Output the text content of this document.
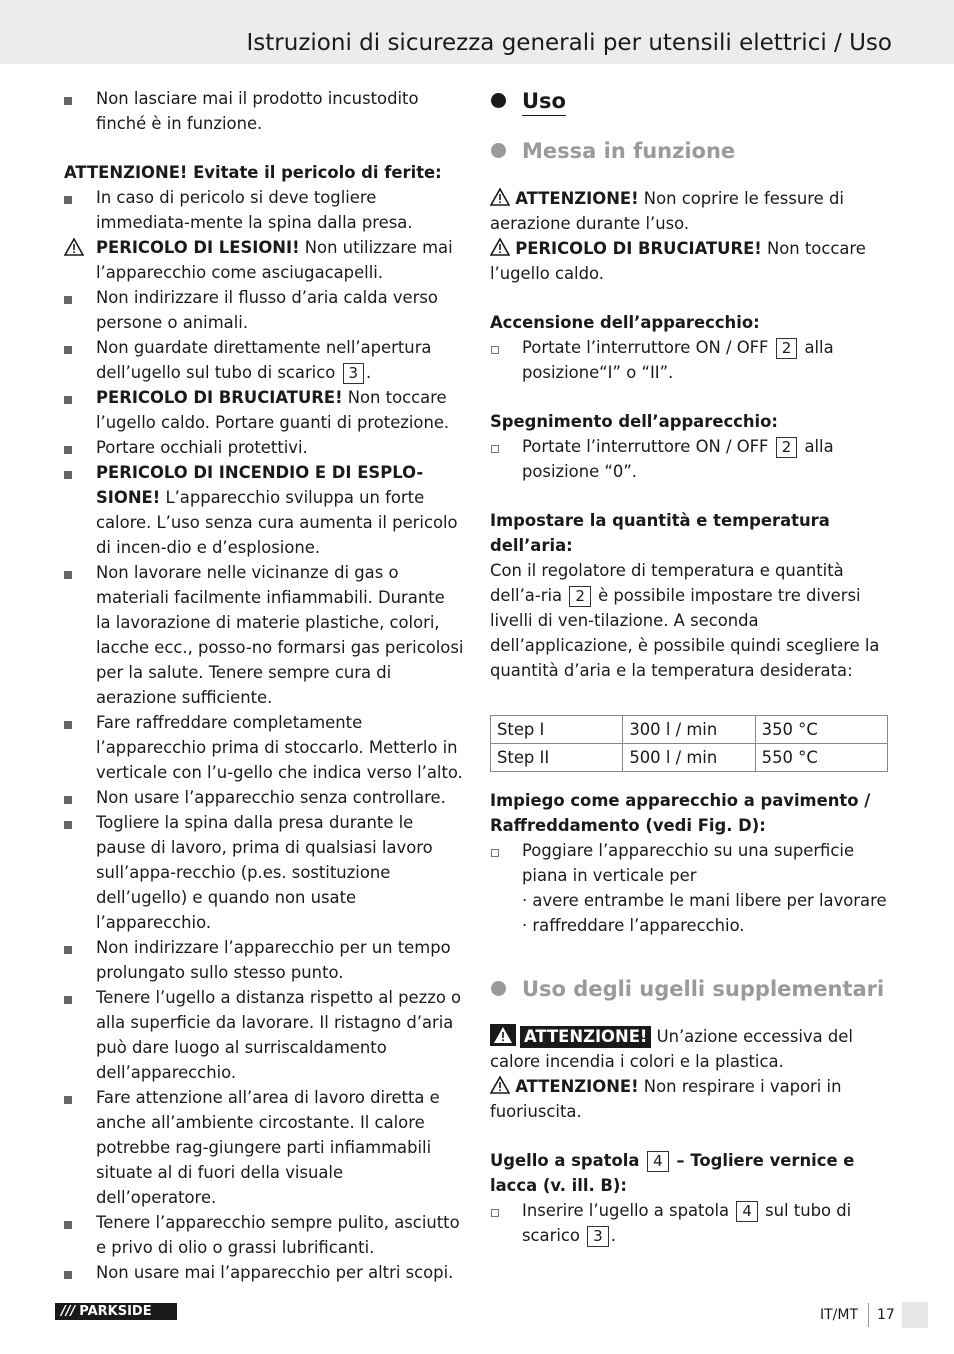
Istruzioni di sicurezza generali per utensili elettrici / Uso
Non lasciare mai il prodotto incustodito finché è in funzione.
ATTENZIONE! Evitate il pericolo di ferite:
In caso di pericolo si deve togliere immediata-mente la spina dalla presa.
PERICOLO DI LESIONI! Non utilizzare mai l’apparecchio come asciugacapelli.
Non indirizzare il flusso d’aria calda verso persone o animali.
Non guardate direttamente nell’apertura dell’ugello sul tubo di scarico 3 .
PERICOLO DI BRUCIATURE! Non toccare l’ugello caldo. Portare guanti di protezione.
Portare occhiali protettivi.
PERICOLO DI INCENDIO E DI ESPLO-SIONE! L’apparecchio sviluppa un forte calore. L’uso senza cura aumenta il pericolo di incen-dio e d’esplosione.
Non lavorare nelle vicinanze di gas o materiali facilmente infiammabili. Durante la lavorazione di materie plastiche, colori, lacche ecc., posso-no formarsi gas pericolosi per la salute. Tenere sempre cura di aerazione sufficiente.
Fare raffreddare completamente l’apparecchio prima di stoccarlo. Metterlo in verticale con l’u-gello che indica verso l’alto.
Non usare l’apparecchio senza controllare.
Togliere la spina dalla presa durante le pause di lavoro, prima di qualsiasi lavoro sull’appa-recchio (p.es. sostituzione dell’ugello) e quando non usate l’apparecchio.
Non indirizzare l’apparecchio per un tempo prolungato sullo stesso punto.
Tenere l’ugello a distanza rispetto al pezzo o alla superficie da lavorare. Il ristagno d’aria può dare luogo al surriscaldamento dell’apparecchio.
Fare attenzione all’area di lavoro diretta e anche all’ambiente circostante. Il calore potrebbe rag-giungere parti infiammabili situate al di fuori della visuale dell’operatore.
Tenere l’apparecchio sempre pulito, asciutto e privo di olio o grassi lubrificanti.
Non usare mai l’apparecchio per altri scopi.
Uso
Messa in funzione
ATTENZIONE! Non coprire le fessure di aerazione durante l’uso.
PERICOLO DI BRUCIATURE! Non toccare l’ugello caldo.
Accensione dell’apparecchio:
Portate l’interruttore ON / OFF 2 alla posizione“I” o “II”.
Spegnimento dell’apparecchio:
Portate l’interruttore ON / OFF 2 alla posizione “0”.
Impostare la quantità e temperatura dell’aria:
Con il regolatore di temperatura e quantità dell’a-ria 2 è possibile impostare tre diversi livelli di ven-tilazione. A seconda dell’applicazione, è possibile quindi scegliere la quantità d’aria e la temperatura desiderata:
Step I	300 l / min	350 °C
Step II	500 l / min	550 °C
Impiego come apparecchio a pavimento / Raffreddamento (vedi Fig. D):
Poggiare l’apparecchio su una superficie piana in verticale per
· avere entrambe le mani libere per lavorare
· raffreddare l’apparecchio.
Uso degli ugelli supplementari
ATTENZIONE! Un’azione eccessiva del calore incendia i colori e la plastica.
ATTENZIONE! Non respirare i vapori in fuoriuscita.
Ugello a spatola 4 – Togliere vernice e lacca (v. ill. B):
Inserire l’ugello a spatola 4 sul tubo di scarico 3 .
/// PARKSIDE	IT/MT 17
